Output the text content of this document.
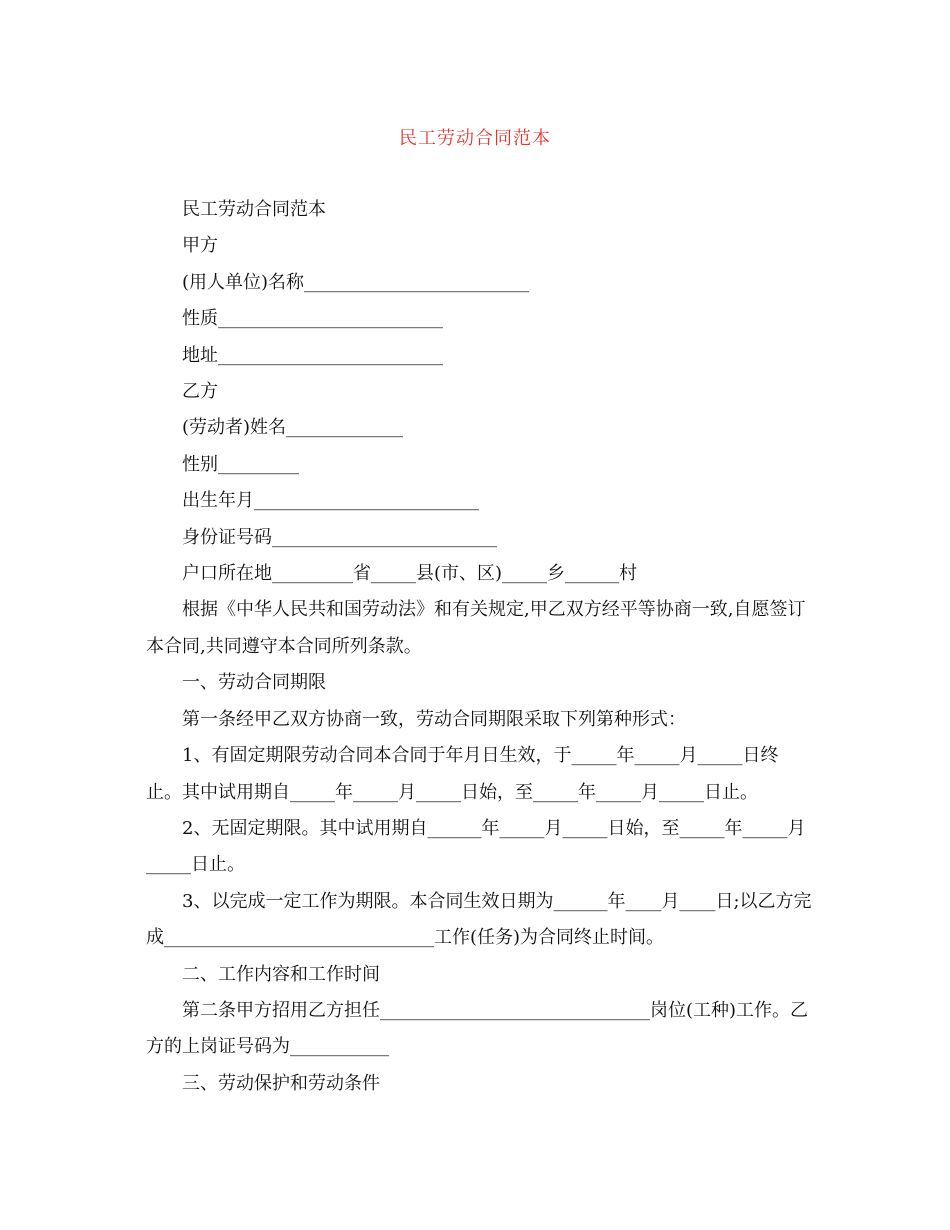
民工劳动合同范本

民工劳动合同范本

甲方

(用人单位)名称_________________________

性质_________________________

地址_________________________

乙方

(劳动者)姓名_____________

性别_________

出生年月_________________________

身份证号码_________________________

户口所在地_________省_____县(市、区)_____乡______村

根据《中华人民共和国劳动法》和有关规定,甲乙双方经平等协商一致,自愿签订本合同,共同遵守本合同所列条款。

一、劳动合同期限

第一条经甲乙双方协商一致，劳动合同期限采取下列第种形式：

1、有固定期限劳动合同本合同于年月日生效，于_____年_____月_____日终止。其中试用期自_____年_____月_____日始，至_____年_____月_____日止。

2、无固定期限。其中试用期自______年_____月_____日始，至_____年_____月_____日止。

3、以完成一定工作为期限。本合同生效日期为______年____月____日;以乙方完成______________________________工作(任务)为合同终止时间。

二、工作内容和工作时间

第二条甲方招用乙方担任______________________________岗位(工种)工作。乙方的上岗证号码为___________

三、劳动保护和劳动条件
